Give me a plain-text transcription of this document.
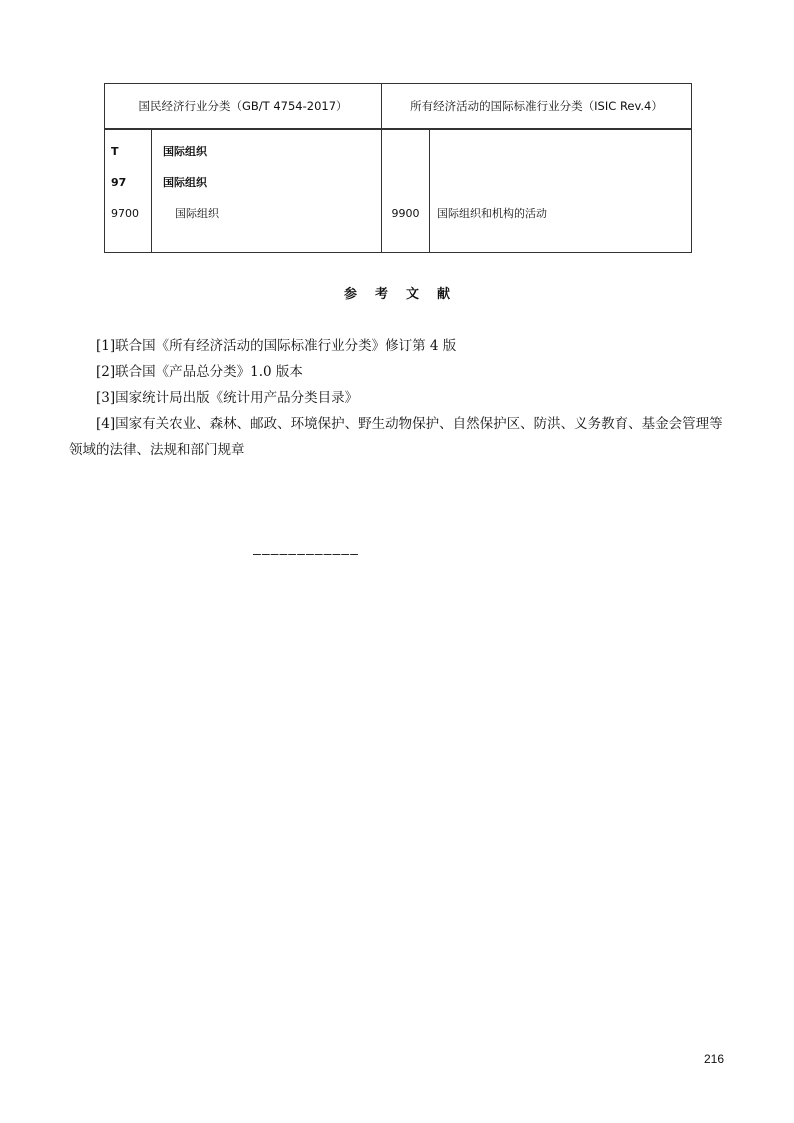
国民经济行业分类（GB/T 4754-2017）		所有经济活动的国际标准行业分类（ISIC Rev.4）	

T	国际组织		
97	国际组织		
9700	国际组织	9900	国际组织和机构的活动

参考文献

[1]联合国《所有经济活动的国际标准行业分类》修订第 4 版

[2]联合国《产品总分类》1.0 版本

[3]国家统计局出版《统计用产品分类目录》

[4]国家有关农业、森林、邮政、环境保护、野生动物保护、自然保护区、防洪、义务教育、基金会管理等领域的法律、法规和部门规章

————————————
216
